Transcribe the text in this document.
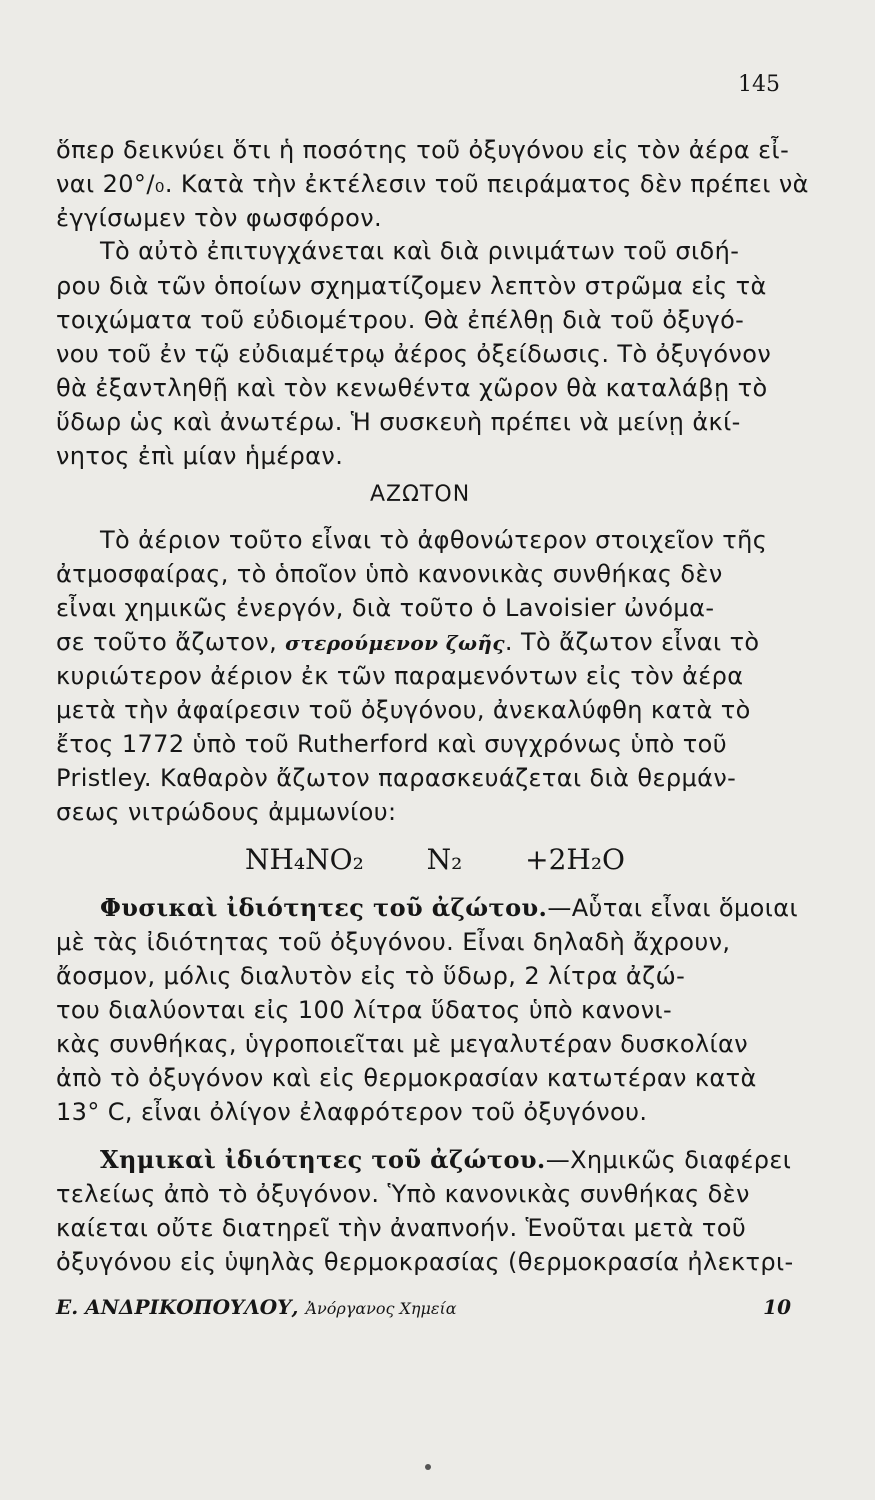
145
ὅπερ δεικνύει ὅτι ἡ ποσότης τοῦ ὀξυγόνου εἰς τὸν ἀέρα εἶ-
ναι 20°/₀. Κατὰ τὴν ἐκτέλεσιν τοῦ πειράματος δὲν πρέπει νὰ
ἐγγίσωμεν τὸν φωσφόρον.
Τὸ αὐτὸ ἐπιτυγχάνεται καὶ διὰ ρινιμάτων τοῦ σιδή-
ρου διὰ τῶν ὁποίων σχηματίζομεν λεπτὸν στρῶμα εἰς τὰ
τοιχώματα τοῦ εὐδιομέτρου. Θὰ ἐπέλθῃ διὰ τοῦ ὀξυγό-
νου τοῦ ἐν τῷ εὐδιαμέτρῳ ἀέρος ὀξείδωσις. Τὸ ὀξυγόνον
θὰ ἐξαντληθῇ καὶ τὸν κενωθέντα χῶρον θὰ καταλάβῃ τὸ
ὕδωρ ὡς καὶ ἀνωτέρω. Ἡ συσκευὴ πρέπει νὰ μείνῃ ἀκί-
νητος ἐπὶ μίαν ἡμέραν.
ΑΖΩΤΟΝ
Τὸ ἀέριον τοῦτο εἶναι τὸ ἀφθονώτερον στοιχεῖον τῆς
ἀτμοσφαίρας, τὸ ὁποῖον ὑπὸ κανονικὰς συνθήκας δὲν
εἶναι χημικῶς ἐνεργόν, διὰ τοῦτο ὁ Lavoisier ὠνόμα-
σε τοῦτο ἄζωτον, στερούμενον ζωῆς. Τὸ ἄζωτον εἶναι τὸ
κυριώτερον ἀέριον ἐκ τῶν παραμενόντων εἰς τὸν ἀέρα
μετὰ τὴν ἀφαίρεσιν τοῦ ὀξυγόνου, ἀνεκαλύφθη κατὰ τὸ
ἔτος 1772 ὑπὸ τοῦ Rutherford καὶ συγχρόνως ὑπὸ τοῦ
Pristley. Καθαρὸν ἄζωτον παρασκευάζεται διὰ θερμάν-
σεως νιτρώδους ἀμμωνίου:
NH₄NO₂ N₂ +2H₂O
Φυσικαὶ ἰδιότητες τοῦ ἀζώτου.—Αὗται εἶναι ὅμοιαι
μὲ τὰς ἰδιότητας τοῦ ὀξυγόνου. Εἶναι δηλαδὴ ἄχρουν,
ἄοσμον, μόλις διαλυτὸν εἰς τὸ ὕδωρ, 2 λίτρα ἀζώ-
του διαλύονται εἰς 100 λίτρα ὕδατος ὑπὸ κανονι-
κὰς συνθήκας, ὑγροποιεῖται μὲ μεγαλυτέραν δυσκολίαν
ἀπὸ τὸ ὀξυγόνον καὶ εἰς θερμοκρασίαν κατωτέραν κατὰ
13° C, εἶναι ὀλίγον ἐλαφρότερον τοῦ ὀξυγόνου.
Χημικαὶ ἰδιότητες τοῦ ἀζώτου.—Χημικῶς διαφέρει
τελείως ἀπὸ τὸ ὀξυγόνον. Ὑπὸ κανονικὰς συνθήκας δὲν
καίεται οὔτε διατηρεῖ τὴν ἀναπνοήν. Ἑνοῦται μετὰ τοῦ
ὀξυγόνου εἰς ὑψηλὰς θερμοκρασίας (θερμοκρασία ἠλεκτρι-
Ε. ΑΝΔΡΙΚΟΠΟΥΛΟΥ, Ἀνόργανος Χημεία	10
